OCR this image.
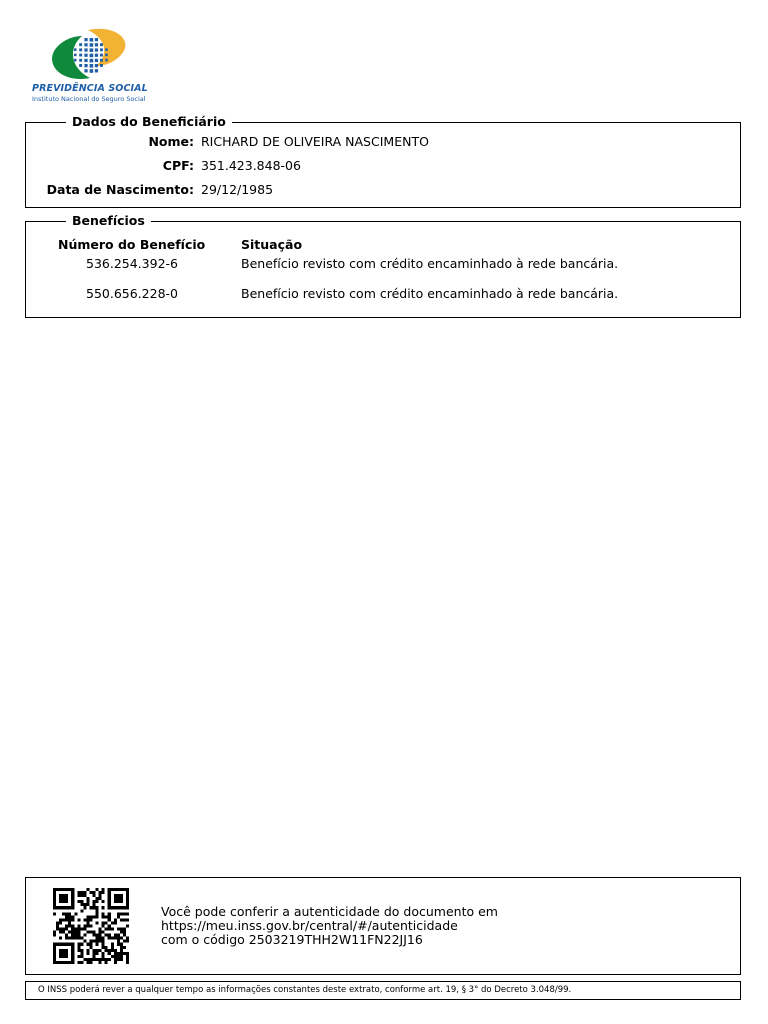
PREVIDÊNCIA SOCIAL
Instituto Nacional do Seguro Social
Dados do Beneficiário
Nome: RICHARD DE OLIVEIRA NASCIMENTO
CPF: 351.423.848-06
Data de Nascimento: 29/12/1985
Benefícios
Número do Benefício	Situação
536.254.392-6	Benefício revisto com crédito encaminhado à rede bancária.
550.656.228-0	Benefício revisto com crédito encaminhado à rede bancária.
Você pode conferir a autenticidade do documento em
https://meu.inss.gov.br/central/#/autenticidade
com o código 2503219THH2W11FN22JJ16
O INSS poderá rever a qualquer tempo as informações constantes deste extrato, conforme art. 19, § 3° do Decreto 3.048/99.
